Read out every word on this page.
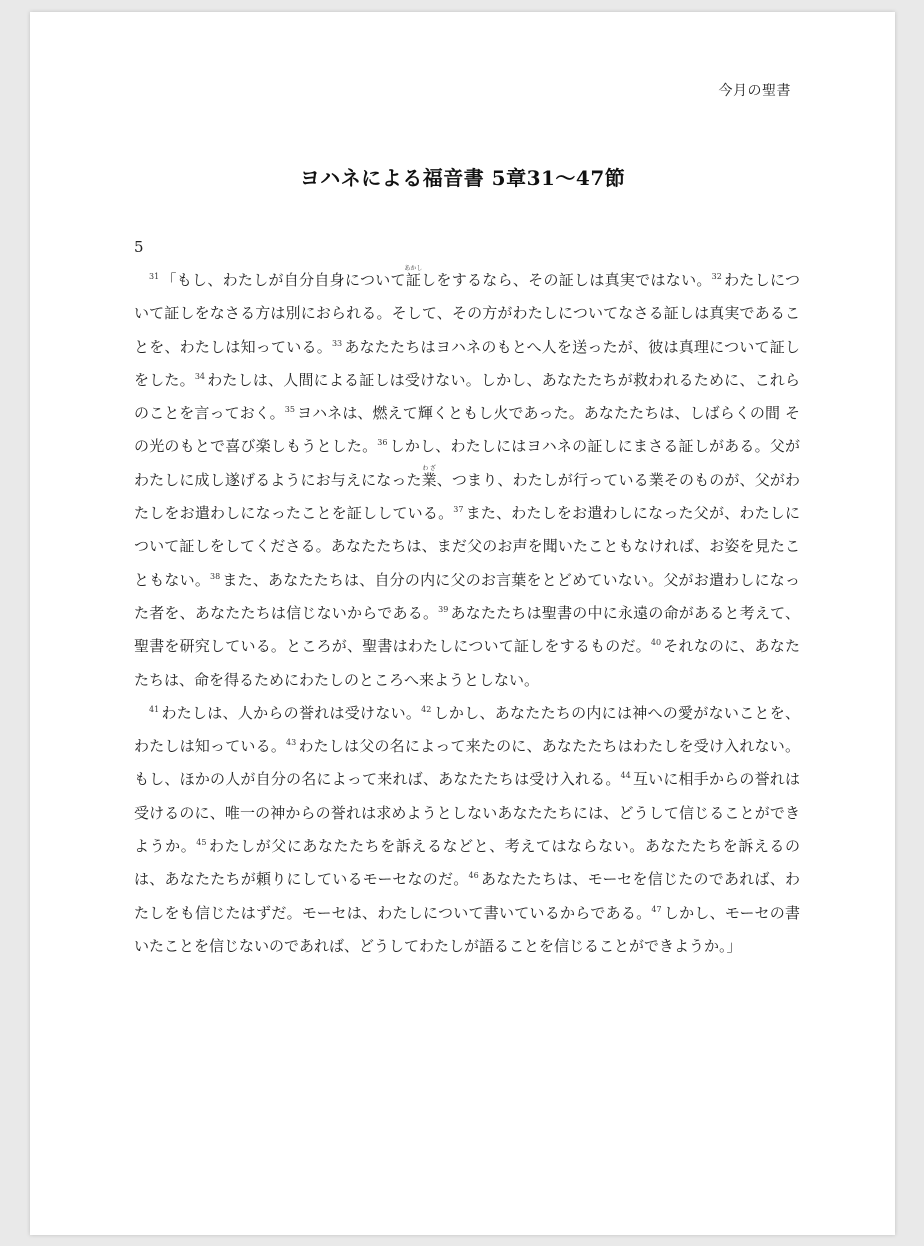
今月の聖書
ヨハネによる福音書 5章31〜47節
5

$^{31}$ 「もし、わたしが自分自身について証あかししをするなら、その証しは真実ではない。$^{32}$ わたしについて証しをなさる方は別におられる。そして、その方がわたしについてなさる証しは真実であることを、わたしは知っている。$^{33}$ あなたたちはヨハネのもとへ人を送ったが、彼は真理について証しをした。$^{34}$ わたしは、人間による証しは受けない。しかし、あなたたちが救われるために、これらのことを言っておく。$^{35}$ ヨハネは、燃えて輝くともし火であった。あなたたちは、しばらくの間 その光のもとで喜び楽しもうとした。$^{36}$ しかし、わたしにはヨハネの証しにまさる証しがある。父がわたしに成し遂げるようにお与えになった業わざ、つまり、わたしが行っている業そのものが、父がわたしをお遣わしになったことを証ししている。$^{37}$ また、わたしをお遣わしになった父が、わたしについて証しをしてくださる。あなたたちは、まだ父のお声を聞いたこともなければ、お姿を見たこともない。$^{38}$ また、あなたたちは、自分の内に父のお言葉をとどめていない。父がお遣わしになった者を、あなたたちは信じないからである。$^{39}$ あなたたちは聖書の中に永遠の命があると考えて、聖書を研究している。ところが、聖書はわたしについて証しをするものだ。$^{40}$ それなのに、あなたたちは、命を得るためにわたしのところへ来ようとしない。

$^{41}$ わたしは、人からの誉れは受けない。$^{42}$ しかし、あなたたちの内には神への愛がないことを、わたしは知っている。$^{43}$ わたしは父の名によって来たのに、あなたたちはわたしを受け入れない。もし、ほかの人が自分の名によって来れば、あなたたちは受け入れる。$^{44}$ 互いに相手からの誉れは受けるのに、唯一の神からの誉れは求めようとしないあなたたちには、どうして信じることができようか。$^{45}$ わたしが父にあなたたちを訴えるなどと、考えてはならない。あなたたちを訴えるのは、あなたたちが頼りにしているモーセなのだ。$^{46}$ あなたたちは、モーセを信じたのであれば、わたしをも信じたはずだ。モーセは、わたしについて書いているからである。$^{47}$ しかし、モーセの書いたことを信じないのであれば、どうしてわたしが語ることを信じることができようか。」
